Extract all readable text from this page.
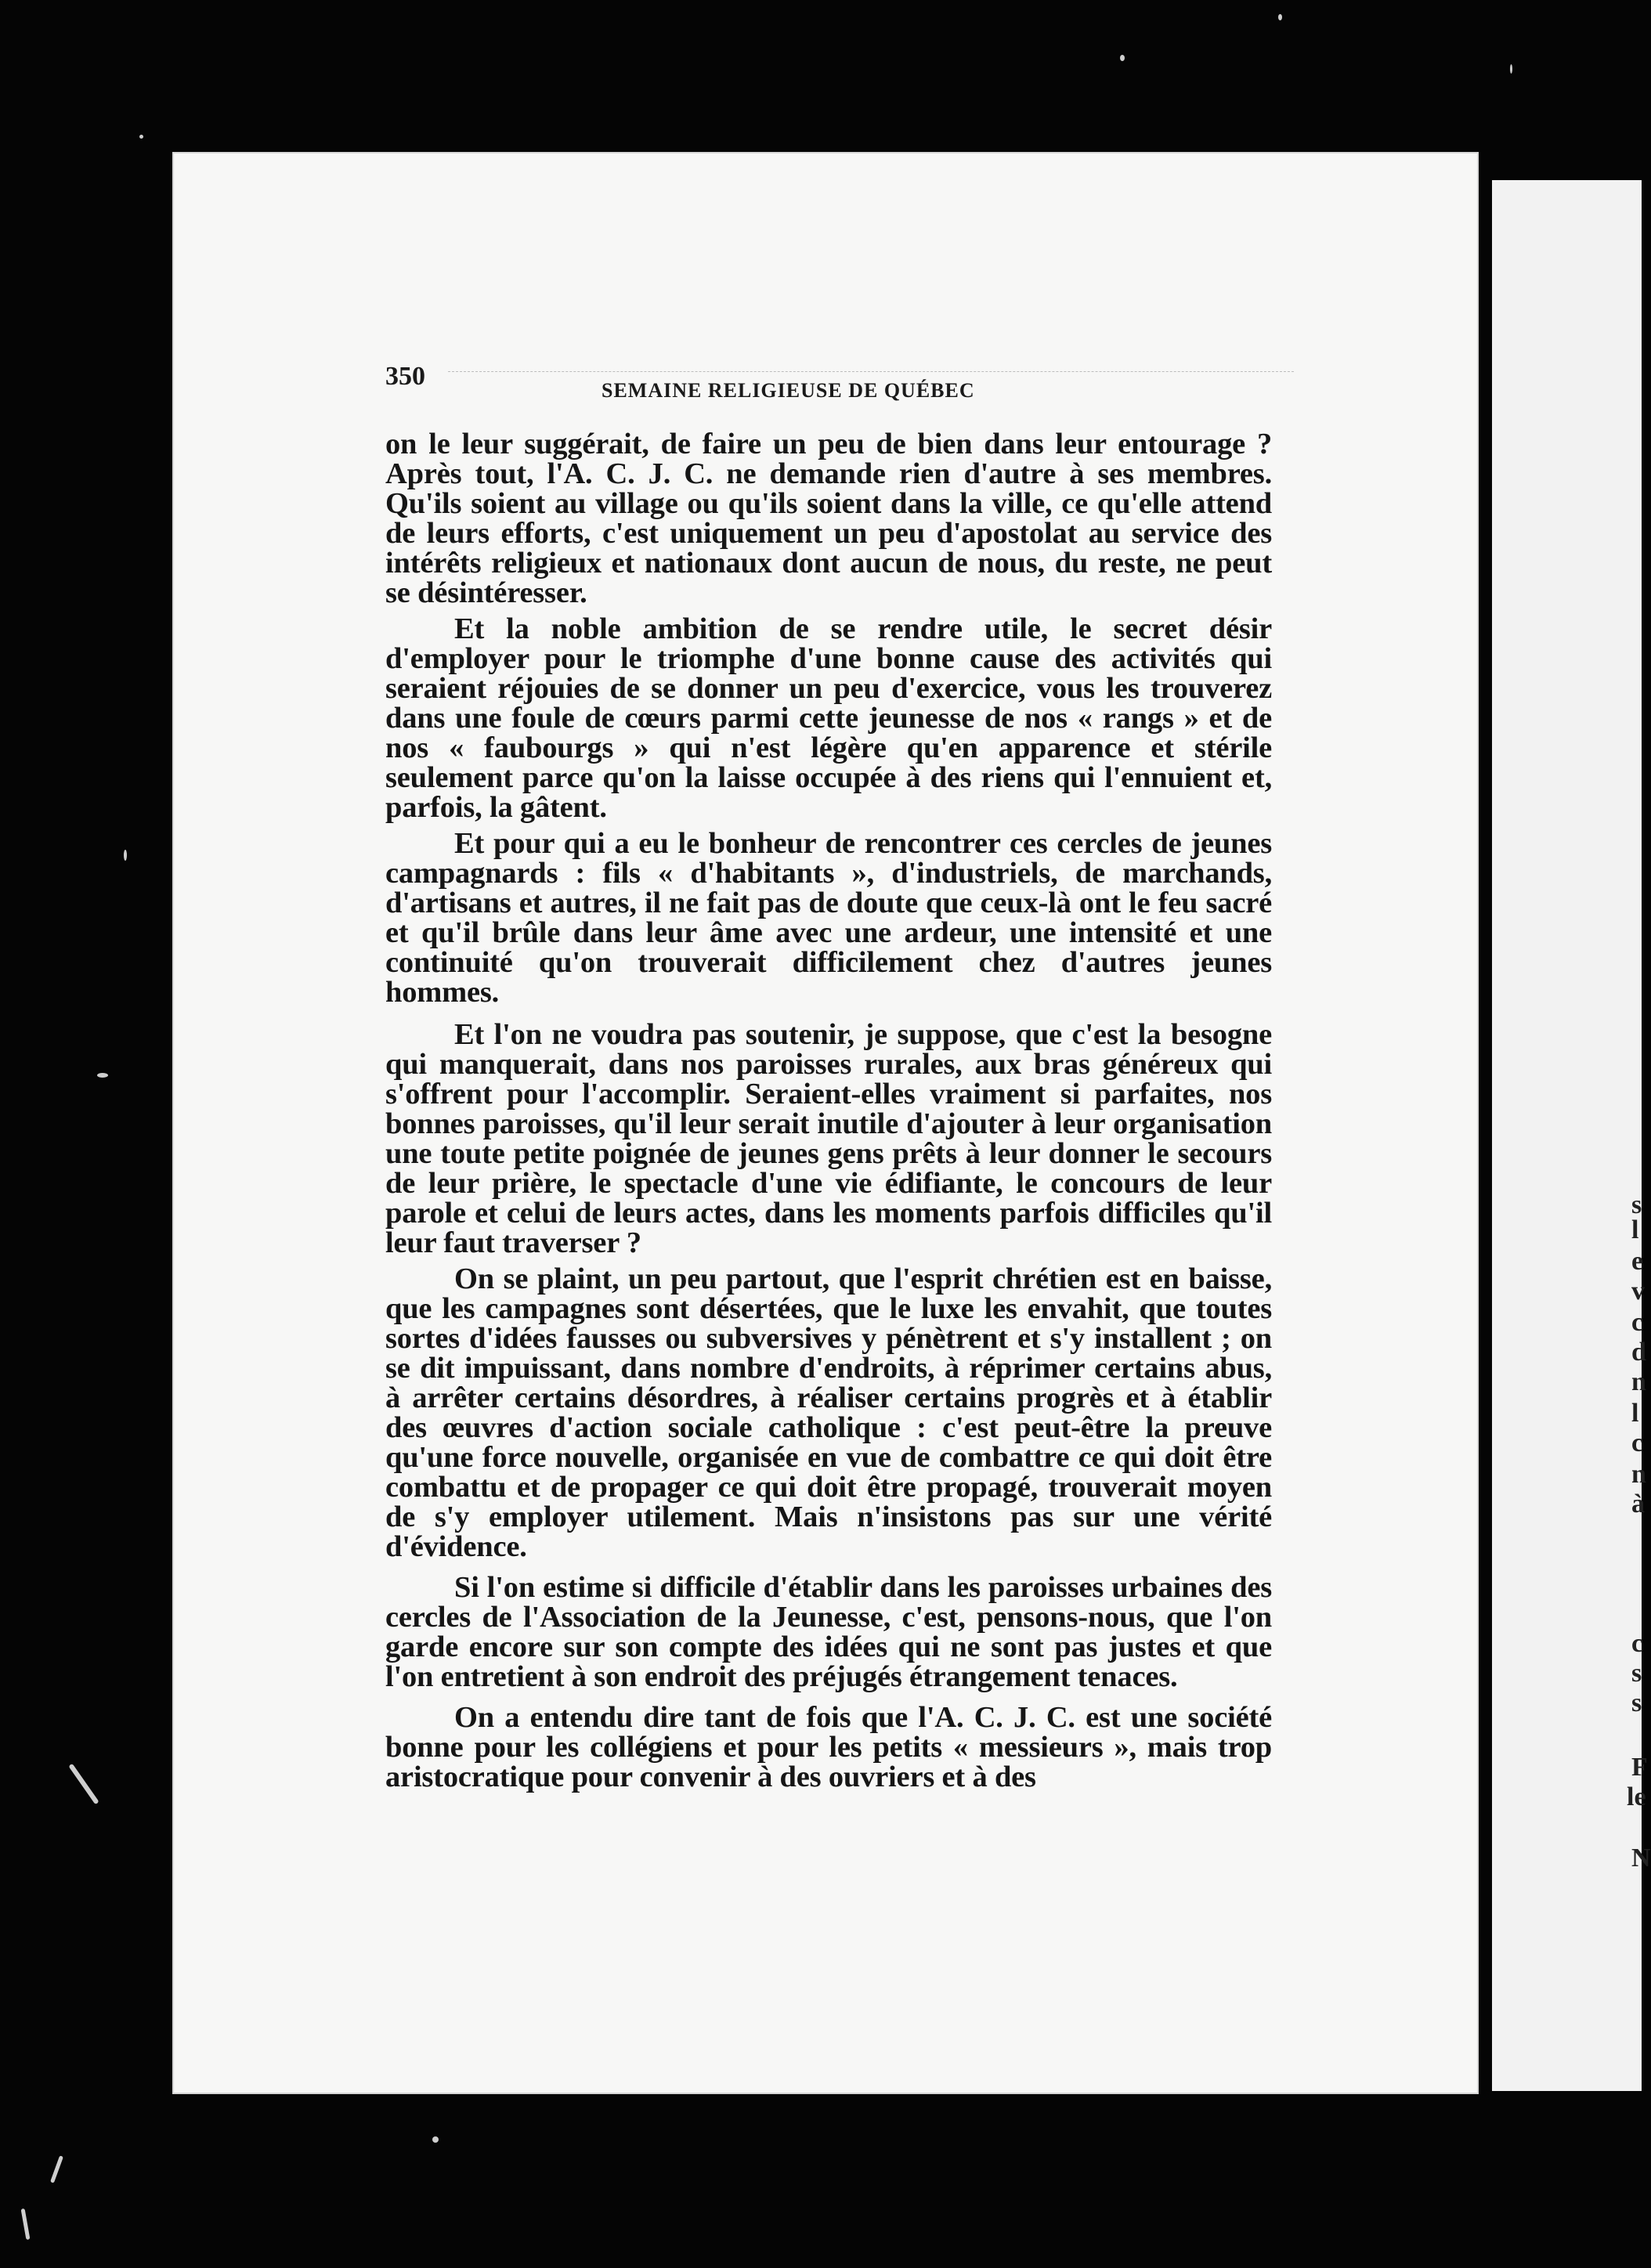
s
l
e
v
c
d
n
l
c
n
à
c
s
s
F
le
N
350	SEMAINE RELIGIEUSE DE QUÉBEC

on le leur suggérait, de faire un peu de bien dans leur entourage ? Après tout, l'A. C. J. C. ne demande rien d'autre à ses membres. Qu'ils soient au village ou qu'ils soient dans la ville, ce qu'elle attend de leurs efforts, c'est uniquement un peu d'apostolat au service des intérêts religieux et nationaux dont aucun de nous, du reste, ne peut se désintéresser.

Et la noble ambition de se rendre utile, le secret désir d'employer pour le triomphe d'une bonne cause des activités qui seraient réjouies de se donner un peu d'exercice, vous les trouverez dans une foule de cœurs parmi cette jeunesse de nos « rangs » et de nos « faubourgs » qui n'est légère qu'en apparence et stérile seulement parce qu'on la laisse occupée à des riens qui l'ennuient et, parfois, la gâtent.

Et pour qui a eu le bonheur de rencontrer ces cercles de jeunes campagnards : fils « d'habitants », d'industriels, de marchands, d'artisans et autres, il ne fait pas de doute que ceux-là ont le feu sacré et qu'il brûle dans leur âme avec une ardeur, une intensité et une continuité qu'on trouverait difficilement chez d'autres jeunes hommes.

Et l'on ne voudra pas soutenir, je suppose, que c'est la besogne qui manquerait, dans nos paroisses rurales, aux bras généreux qui s'offrent pour l'accomplir. Seraient-elles vraiment si parfaites, nos bonnes paroisses, qu'il leur serait inutile d'ajouter à leur organisation une toute petite poignée de jeunes gens prêts à leur donner le secours de leur prière, le spectacle d'une vie édifiante, le concours de leur parole et celui de leurs actes, dans les moments parfois difficiles qu'il leur faut traverser ?

On se plaint, un peu partout, que l'esprit chrétien est en baisse, que les campagnes sont désertées, que le luxe les envahit, que toutes sortes d'idées fausses ou subversives y pénètrent et s'y installent ; on se dit impuissant, dans nombre d'endroits, à réprimer certains abus, à arrêter certains désordres, à réaliser certains progrès et à établir des œuvres d'action sociale catholique : c'est peut-être la preuve qu'une force nouvelle, organisée en vue de combattre ce qui doit être combattu et de propager ce qui doit être propagé, trouverait moyen de s'y employer utilement. Mais n'insistons pas sur une vérité d'évidence.

Si l'on estime si difficile d'établir dans les paroisses urbaines des cercles de l'Association de la Jeunesse, c'est, pensons-nous, que l'on garde encore sur son compte des idées qui ne sont pas justes et que l'on entretient à son endroit des préjugés étrangement tenaces.

On a entendu dire tant de fois que l'A. C. J. C. est une société bonne pour les collégiens et pour les petits « messieurs », mais trop aristocratique pour convenir à des ouvriers et à des
